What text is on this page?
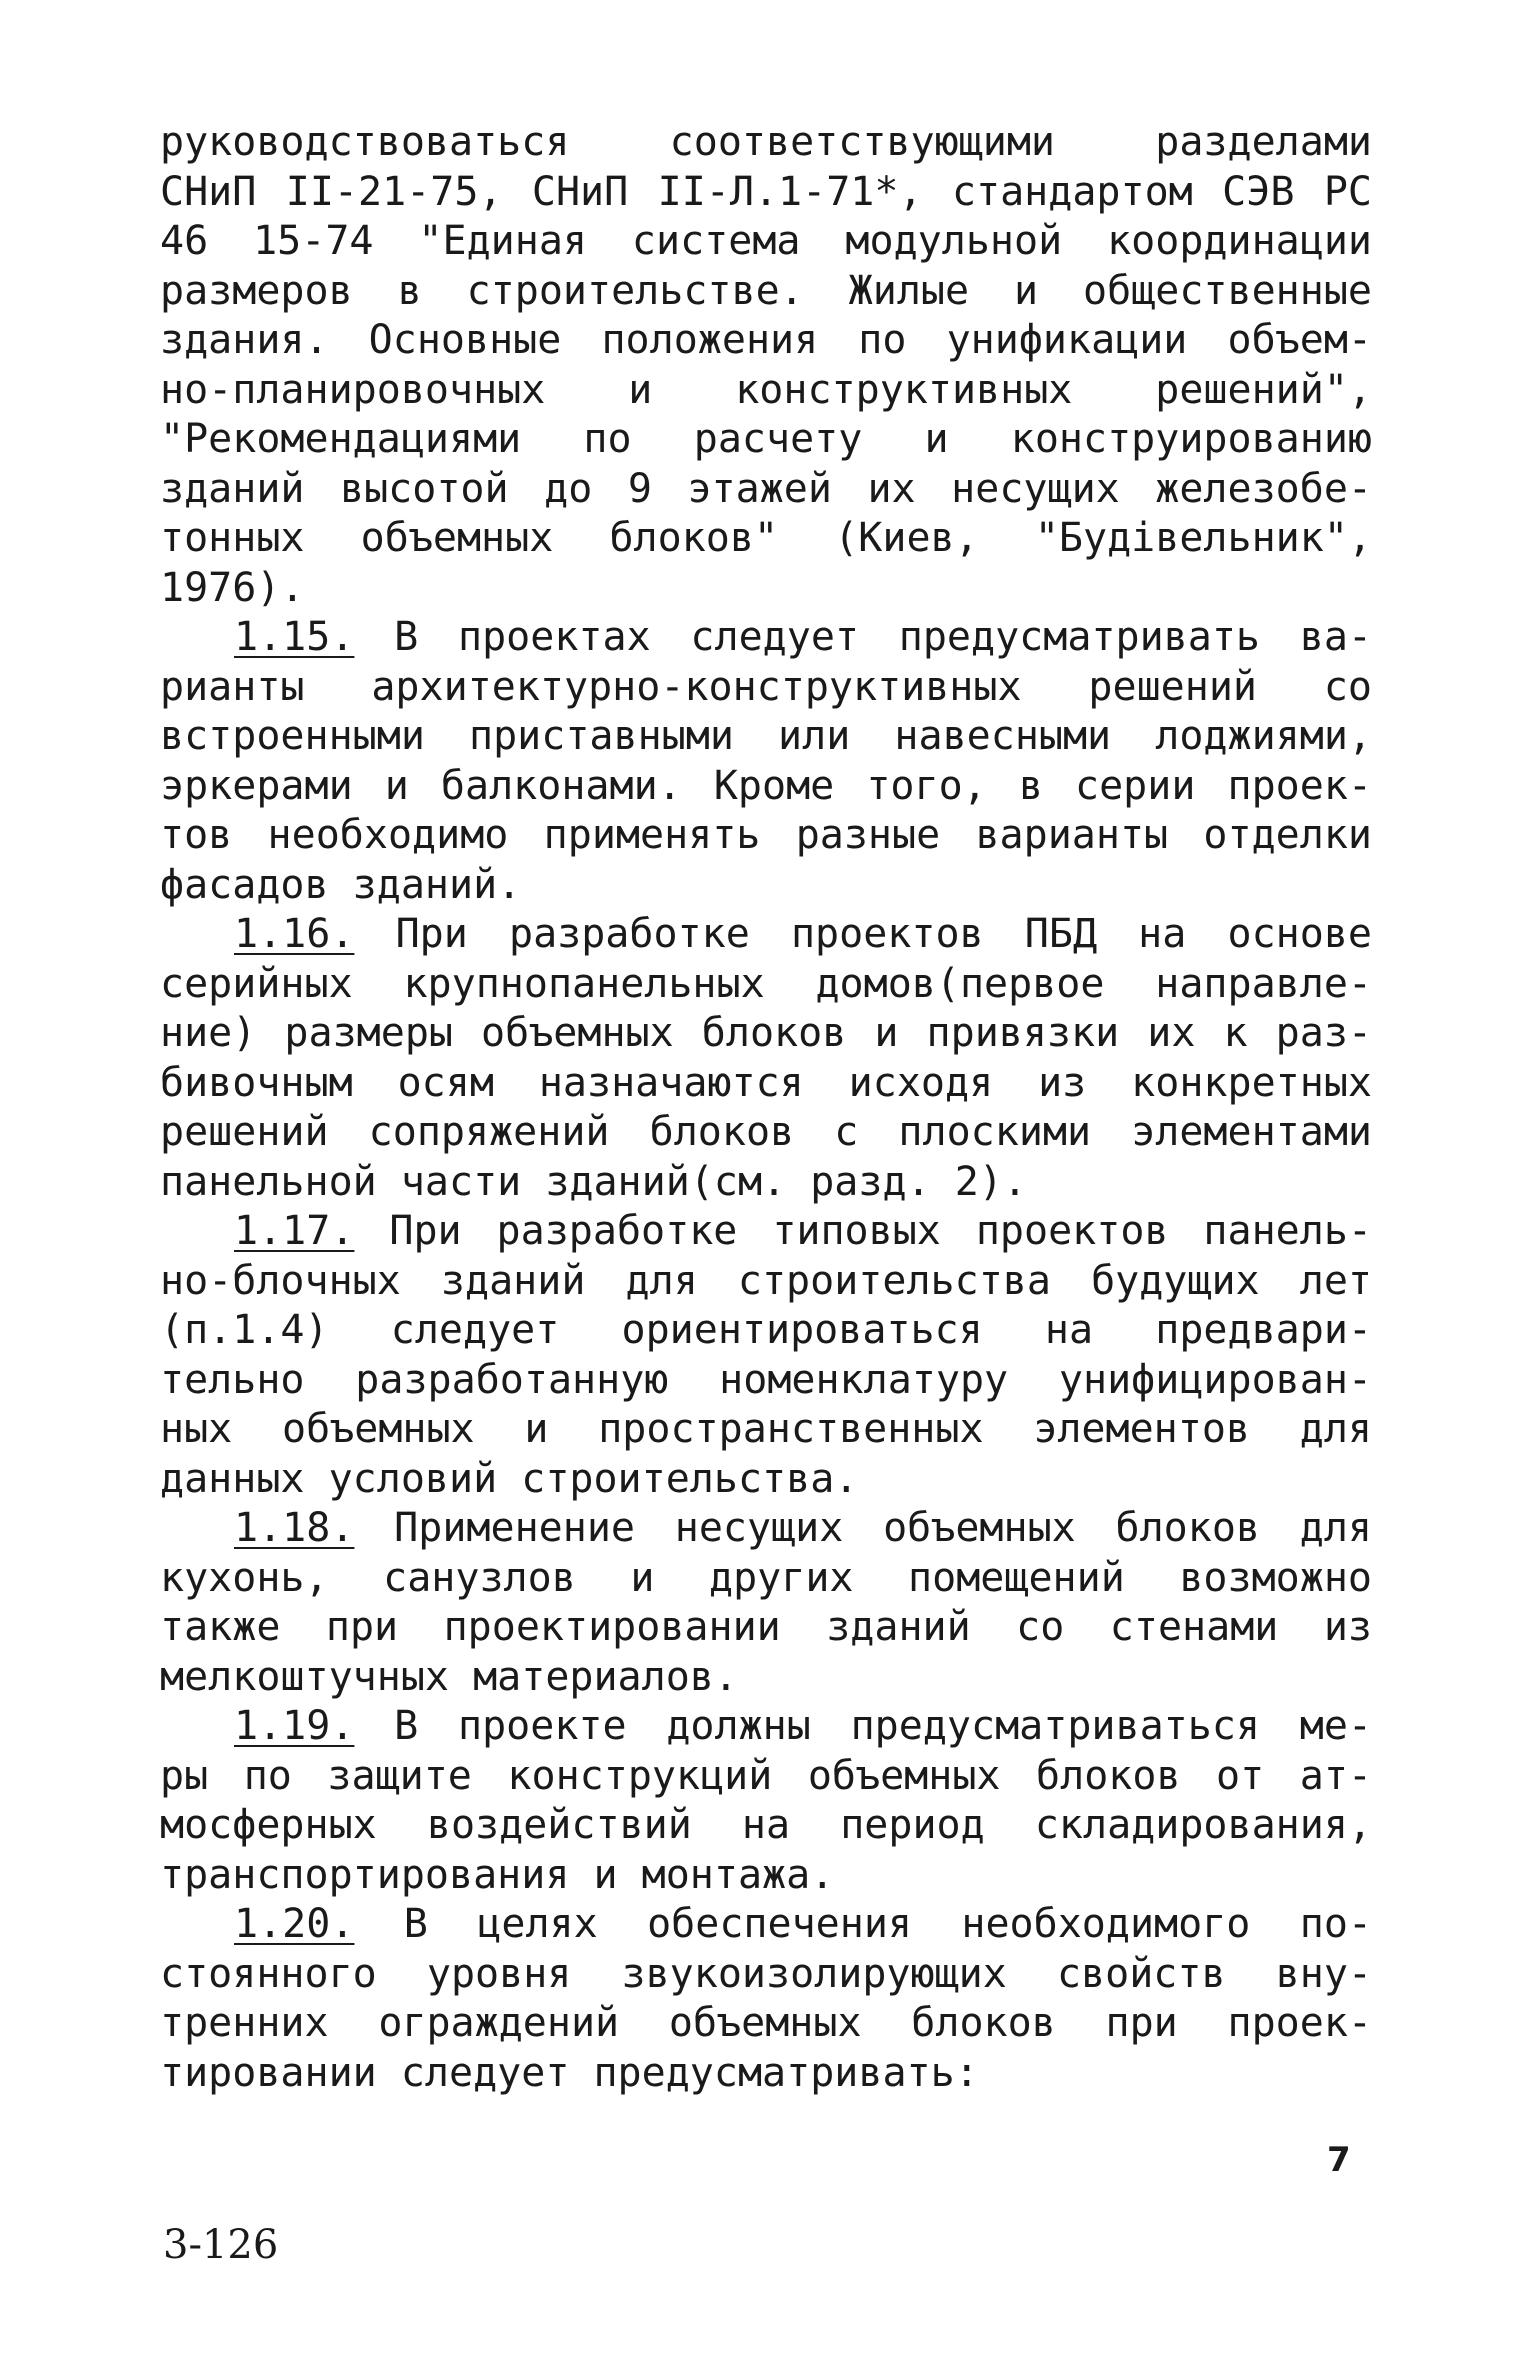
руководствоваться соответствующими разделами
СНиП II-21-75, СНиП II-Л.1-71*, стандартом СЭВ РС
46 15-74 "Единая система модульной координации
размеров в строительстве. Жилые и общественные
здания. Основные положения по унификации объем-
но-планировочных и конструктивных решений",
"Рекомендациями по расчету и конструированию
зданий высотой до 9 этажей их несущих железобе-
тонных объемных блоков" (Киев, "Будiвельник",
1976).
1.15. В проектах следует предусматривать ва-
рианты архитектурно-конструктивных решений со
встроенными приставными или навесными лоджиями,
эркерами и балконами. Кроме того, в серии проек-
тов необходимо применять разные варианты отделки
фасадов зданий.
1.16. При разработке проектов ПБД на основе
серийных крупнопанельных домов(первое направле-
ние) размеры объемных блоков и привязки их к раз-
бивочным осям назначаются исходя из конкретных
решений сопряжений блоков с плоскими элементами
панельной части зданий(см. разд. 2).
1.17. При разработке типовых проектов панель-
но-блочных зданий для строительства будущих лет
(п.1.4) следует ориентироваться на предвари-
тельно разработанную номенклатуру унифицирован-
ных объемных и пространственных элементов для
данных условий строительства.
1.18. Применение несущих объемных блоков для
кухонь, санузлов и других помещений возможно
также при проектировании зданий со стенами из
мелкоштучных материалов.
1.19. В проекте должны предусматриваться ме-
ры по защите конструкций объемных блоков от ат-
мосферных воздействий на период складирования,
транспортирования и монтажа.
1.20. В целях обеспечения необходимого по-
стоянного уровня звукоизолирующих свойств вну-
тренних ограждений объемных блоков при проек-
тировании следует предусматривать:
7
3-126
